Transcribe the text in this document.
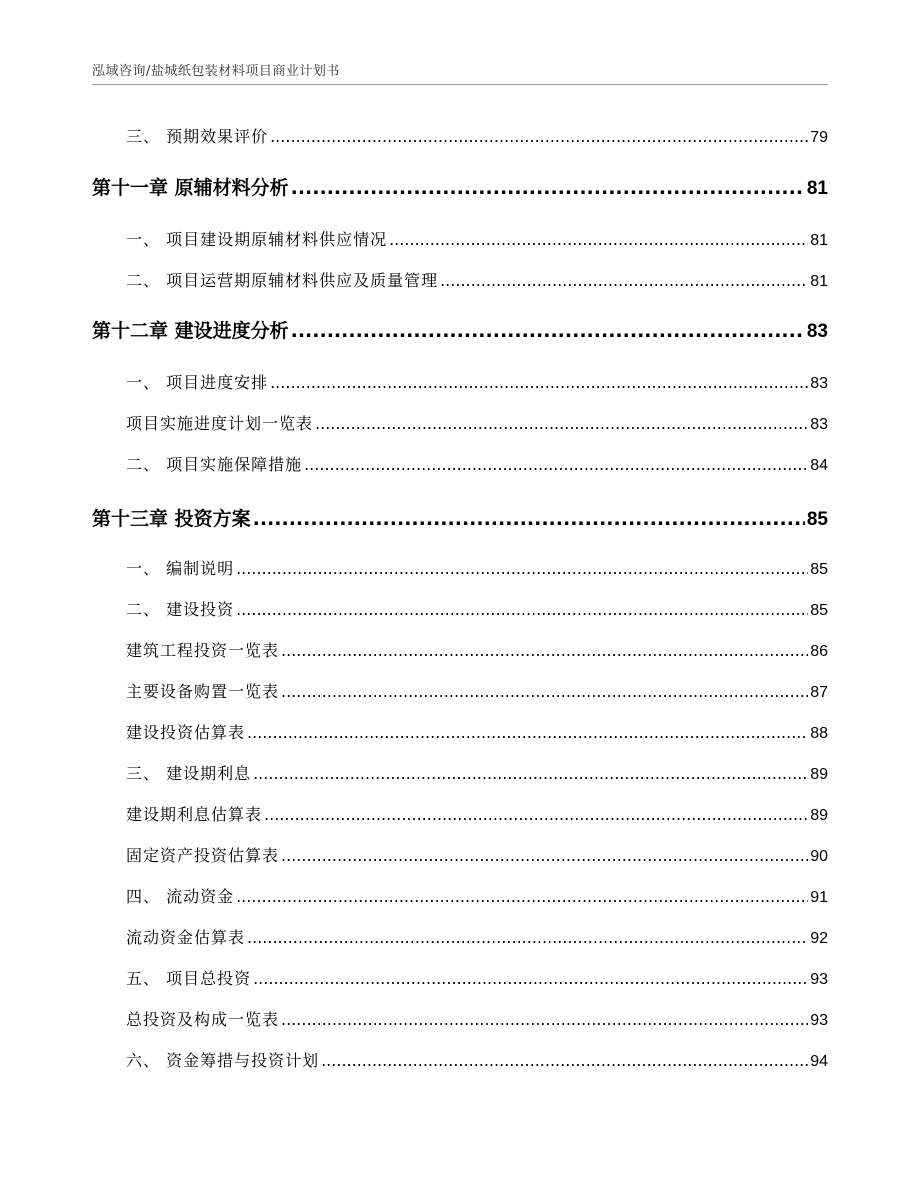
泓域咨询/盐城纸包装材料项目商业计划书
三、 预期效果评价 .....	79
第十一章 原辅材料分析 .....	81
一、 项目建设期原辅材料供应情况 .....	81
二、 项目运营期原辅材料供应及质量管理 .....	81
第十二章 建设进度分析 .....	83
一、 项目进度安排 .....	83
项目实施进度计划一览表 .....	83
二、 项目实施保障措施 .....	84
第十三章 投资方案 .....	85
一、 编制说明 .....	85
二、 建设投资 .....	85
建筑工程投资一览表 .....	86
主要设备购置一览表 .....	87
建设投资估算表 .....	88
三、 建设期利息 .....	89
建设期利息估算表 .....	89
固定资产投资估算表 .....	90
四、 流动资金 .....	91
流动资金估算表 .....	92
五、 项目总投资 .....	93
总投资及构成一览表 .....	93
六、 资金筹措与投资计划 .....	94
